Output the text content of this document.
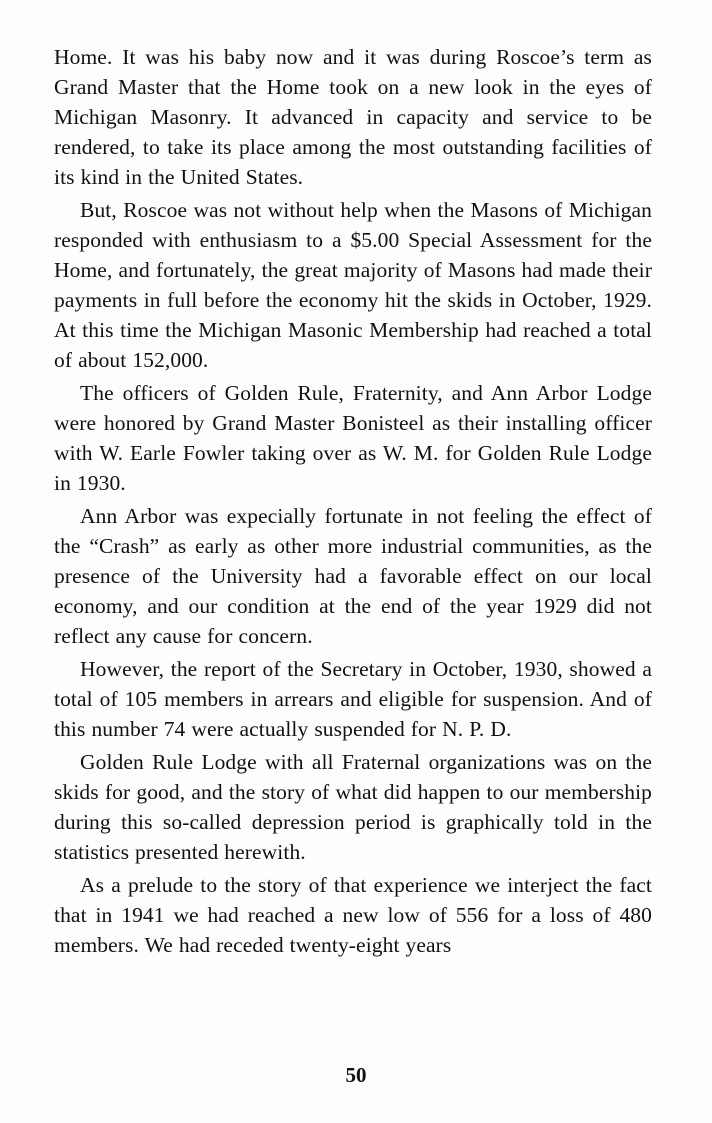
Home. It was his baby now and it was during Roscoe’s term as Grand Master that the Home took on a new look in the eyes of Michigan Masonry. It advanced in capacity and service to be rendered, to take its place among the most outstanding facilities of its kind in the United States.

But, Roscoe was not without help when the Masons of Michigan responded with enthusiasm to a $5.00 Special Assessment for the Home, and fortunately, the great majority of Masons had made their payments in full before the economy hit the skids in October, 1929. At this time the Michigan Masonic Membership had reached a total of about 152,000.

The officers of Golden Rule, Fraternity, and Ann Arbor Lodge were honored by Grand Master Bonisteel as their installing officer with W. Earle Fowler taking over as W. M. for Golden Rule Lodge in 1930.

Ann Arbor was expecially fortunate in not feeling the effect of the “Crash” as early as other more industrial communities, as the presence of the University had a favorable effect on our local economy, and our condition at the end of the year 1929 did not reflect any cause for concern.

However, the report of the Secretary in October, 1930, showed a total of 105 members in arrears and eligible for suspension. And of this number 74 were actually suspended for N. P. D.

Golden Rule Lodge with all Fraternal organizations was on the skids for good, and the story of what did happen to our membership during this so-called depression period is graphically told in the statistics presented herewith.

As a prelude to the story of that experience we interject the fact that in 1941 we had reached a new low of 556 for a loss of 480 members. We had receded twenty-eight years

50
